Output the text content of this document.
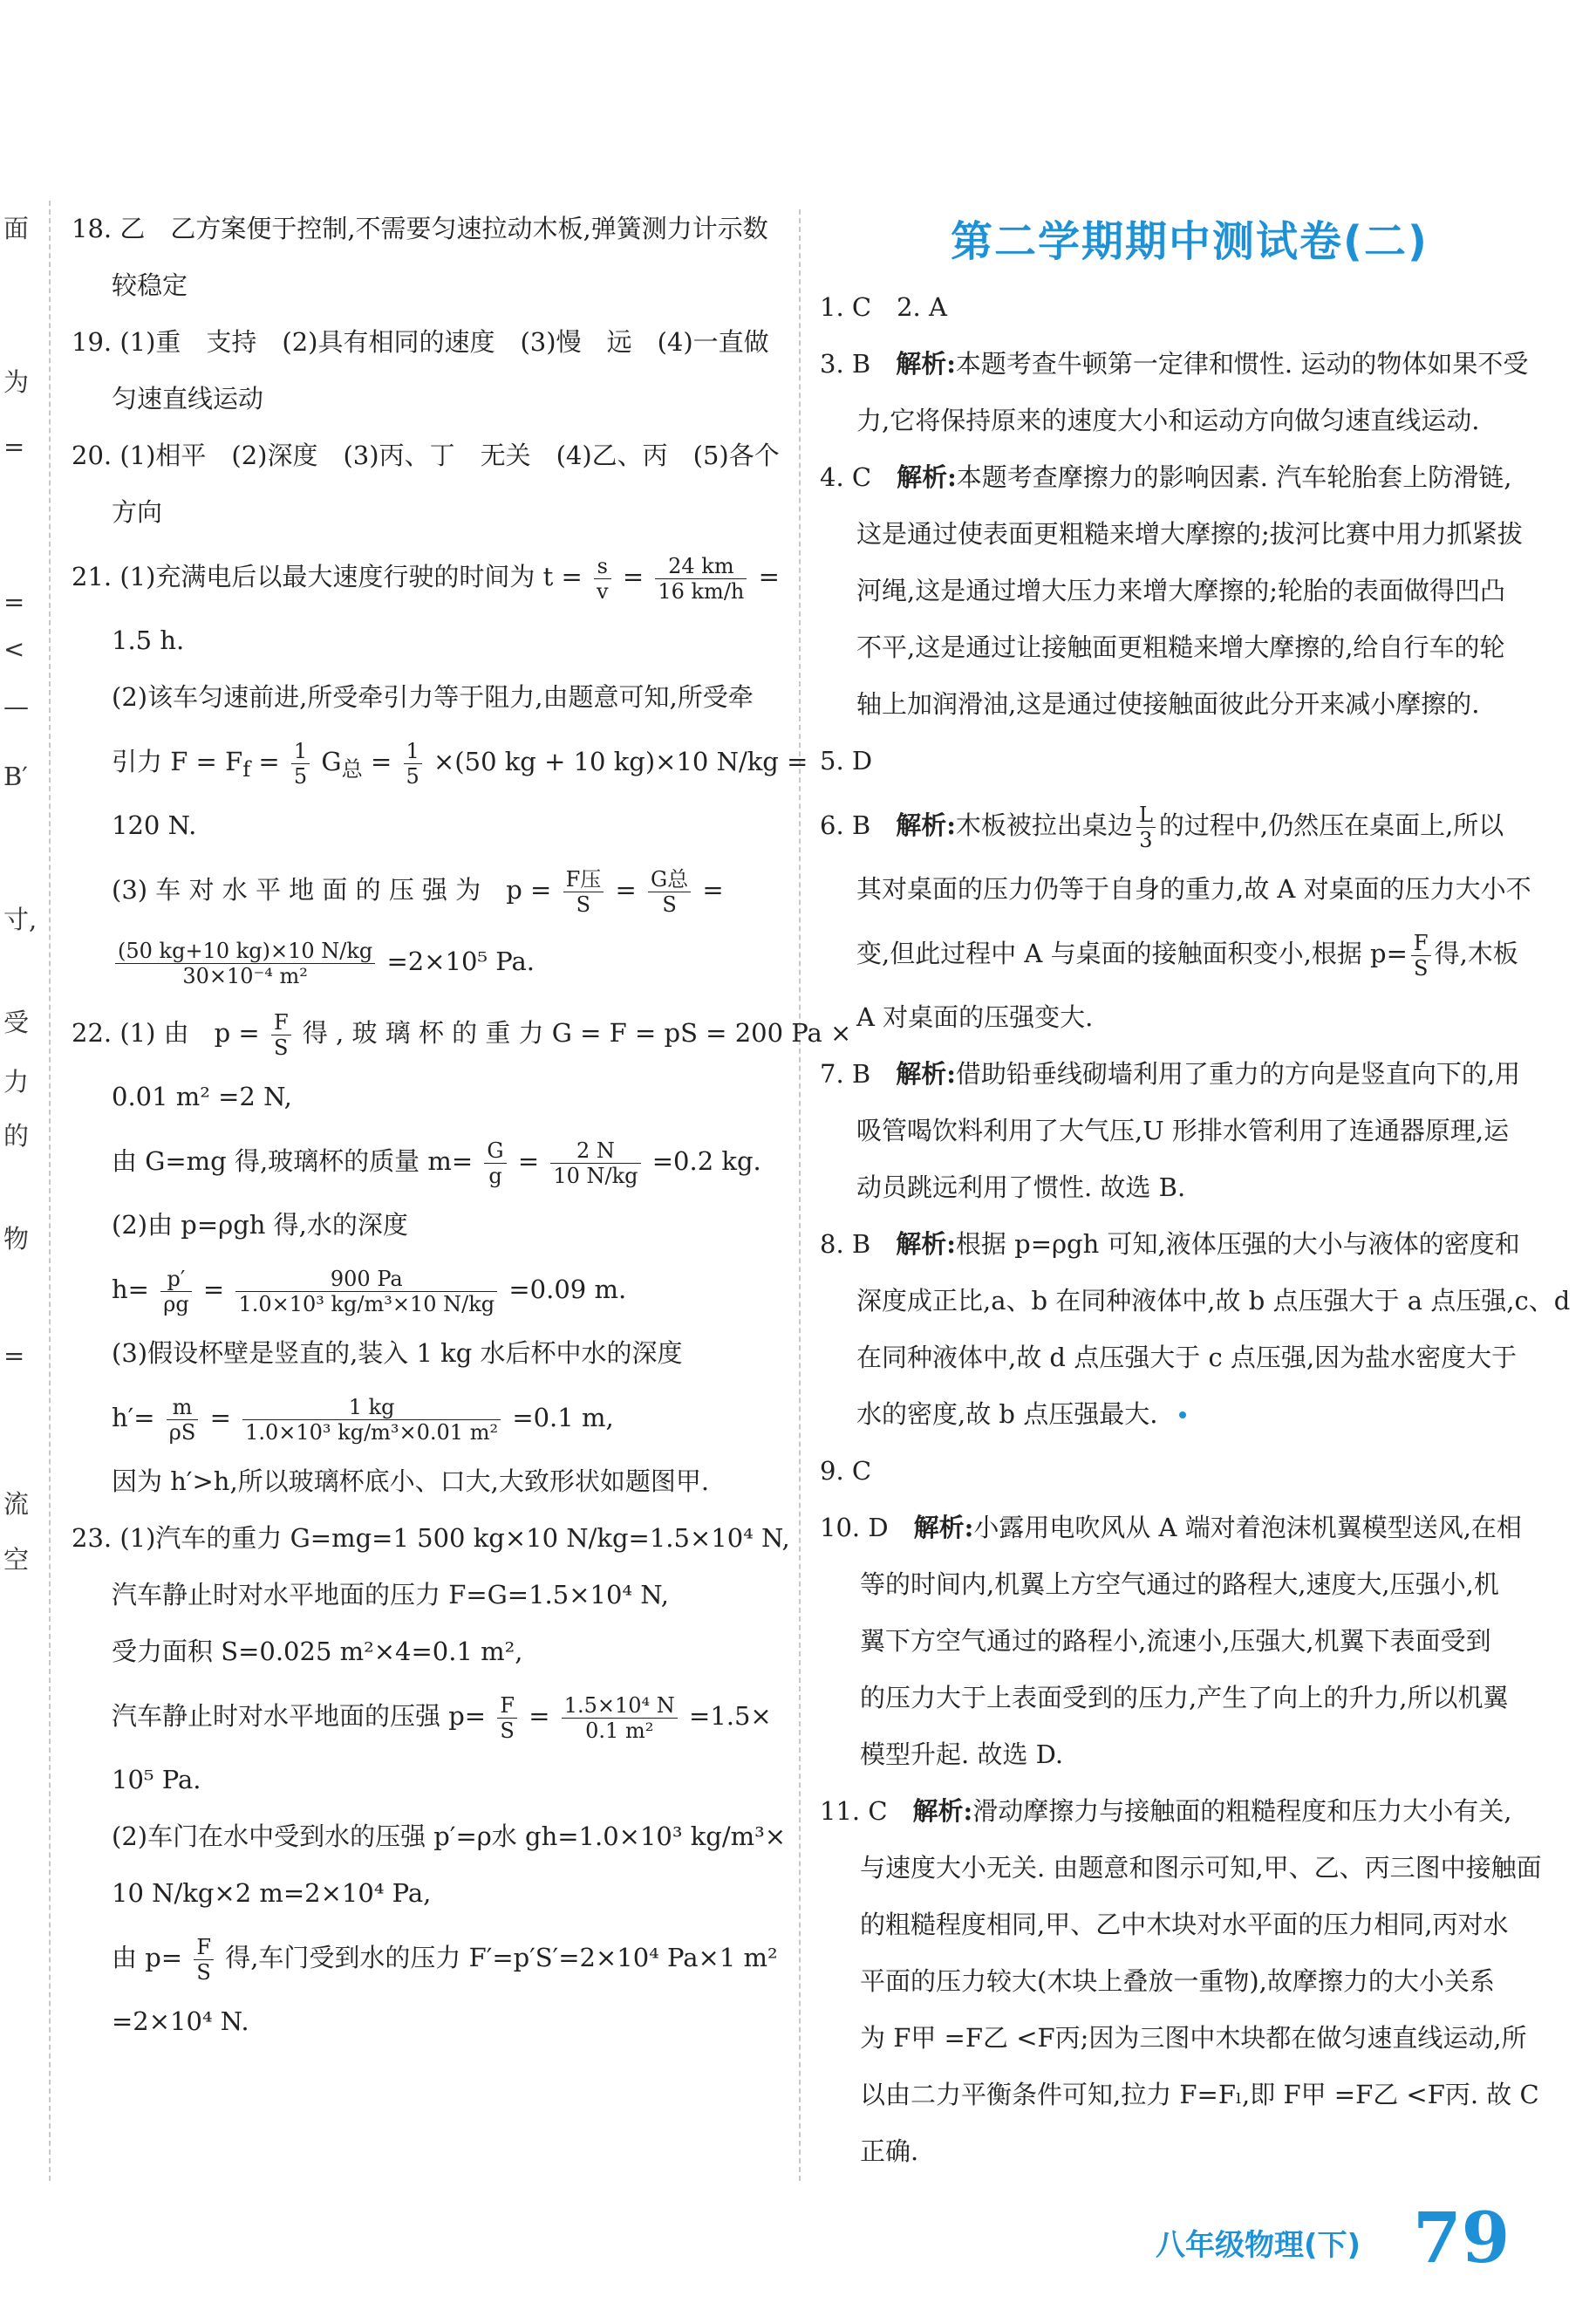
面
为
=
=
<
—
B′
寸,
受
力
的
物
=
流
空
18. 乙　乙方案便于控制,不需要匀速拉动木板,弹簧测力计示数
较稳定
19. (1)重　支持　(2)具有相同的速度　(3)慢　远　(4)一直做
匀速直线运动
20. (1)相平　(2)深度　(3)丙、丁　无关　(4)乙、丙　(5)各个
方向
21. (1)充满电后以最大速度行驶的时间为 $t = \frac{s}{v} = \frac{24 km}{16 km/h}$ =
1.5 h.
(2)该车匀速前进,所受牵引力等于阻力,由题意可知,所受牵
引力 $F = F_f = \frac{1}{5} G_总 = \frac{1}{5} \times(50$ kg + 10 kg)×10 N/kg =
120 N.
(3) 车 对 水 平 地 面 的 压 强 为　$p = \frac{\text{F压}}{S} = \frac{\text{G总}}{S}$ =
$\frac{(50 kg+10 kg)\times 10 N/kg}{\text{30×10⁻⁴ m²}} =2\times 10^5$ Pa.
22. (1) 由　$p = \frac{F}{S}$ 得 , 玻 璃 杯 的 重 力 G = F = pS = 200 Pa ×
0.01 m² =2 N,
由 G=mg 得,玻璃杯的质量 $m= \frac{G}{g} = \frac{2 N}{10 N/kg} =0.2$ kg.
(2)由 p=ρgh 得,水的深度
$h= \frac{p'}{\rho g} = \frac{900 Pa}{\text{1.0×10³ kg/m³×10 N/kg}} =0.09$ m.
(3)假设杯壁是竖直的,装入 1 kg 水后杯中水的深度
$h'= \frac{m}{\rho S} = \frac{1 kg}{\text{1.0×10³ kg/m³×0.01 m²}} =0.1$ m,
因为 h′>h,所以玻璃杯底小、口大,大致形状如题图甲.
23. (1)汽车的重力 G=mg=1 500 kg×10 N/kg=1.5×10⁴ N,
汽车静止时对水平地面的压力 F=G=1.5×10⁴ N,
受力面积 S=0.025 m²×4=0.1 m²,
汽车静止时对水平地面的压强 $p= \frac{F}{S} = \frac{\text{1.5×10⁴ N}}{\text{0.1 m²}} =1.5\times$
10⁵ Pa.
(2)车门在水中受到水的压强 p′=ρ水 gh=1.0×10³ kg/m³×
10 N/kg×2 m=2×10⁴ Pa,
由 $p= \frac{F}{S}$ 得,车门受到水的压力 F′=p′S′=2×10⁴ Pa×1 m²
=2×10⁴ N.
第二学期期中测试卷(二)
1. C　2. A
3. B　解析:本题考查牛顿第一定律和惯性. 运动的物体如果不受
力,它将保持原来的速度大小和运动方向做匀速直线运动.
4. C　解析:本题考查摩擦力的影响因素. 汽车轮胎套上防滑链,
这是通过使表面更粗糙来增大摩擦的;拔河比赛中用力抓紧拔
河绳,这是通过增大压力来增大摩擦的;轮胎的表面做得凹凸
不平,这是通过让接触面更粗糙来增大摩擦的,给自行车的轮
轴上加润滑油,这是通过使接触面彼此分开来减小摩擦的.
5. D
6. B　解析:木板被拉出桌边 $\frac{L}{3}$ 的过程中,仍然压在桌面上,所以
其对桌面的压力仍等于自身的重力,故 A 对桌面的压力大小不
变,但此过程中 A 与桌面的接触面积变小,根据 $p= \frac{F}{S}$ 得,木板
A 对桌面的压强变大.
7. B　解析:借助铅垂线砌墙利用了重力的方向是竖直向下的,用
吸管喝饮料利用了大气压,U 形排水管利用了连通器原理,运
动员跳远利用了惯性. 故选 B.
8. B　解析:根据 p=ρgh 可知,液体压强的大小与液体的密度和
深度成正比,a、b 在同种液体中,故 b 点压强大于 a 点压强,c、d
在同种液体中,故 d 点压强大于 c 点压强,因为盐水密度大于
水的密度,故 b 点压强最大.
9. C
10. D　解析:小露用电吹风从 A 端对着泡沫机翼模型送风,在相
等的时间内,机翼上方空气通过的路程大,速度大,压强小,机
翼下方空气通过的路程小,流速小,压强大,机翼下表面受到
的压力大于上表面受到的压力,产生了向上的升力,所以机翼
模型升起. 故选 D.
11. C　解析:滑动摩擦力与接触面的粗糙程度和压力大小有关,
与速度大小无关. 由题意和图示可知,甲、乙、丙三图中接触面
的粗糙程度相同,甲、乙中木块对水平面的压力相同,丙对水
平面的压力较大(木块上叠放一重物),故摩擦力的大小关系
为 F甲 =F乙 <F丙;因为三图中木块都在做匀速直线运动,所
以由二力平衡条件可知,拉力 F=Fₗ,即 F甲 =F乙 <F丙. 故 C
正确.
八年级物理(下) 79
